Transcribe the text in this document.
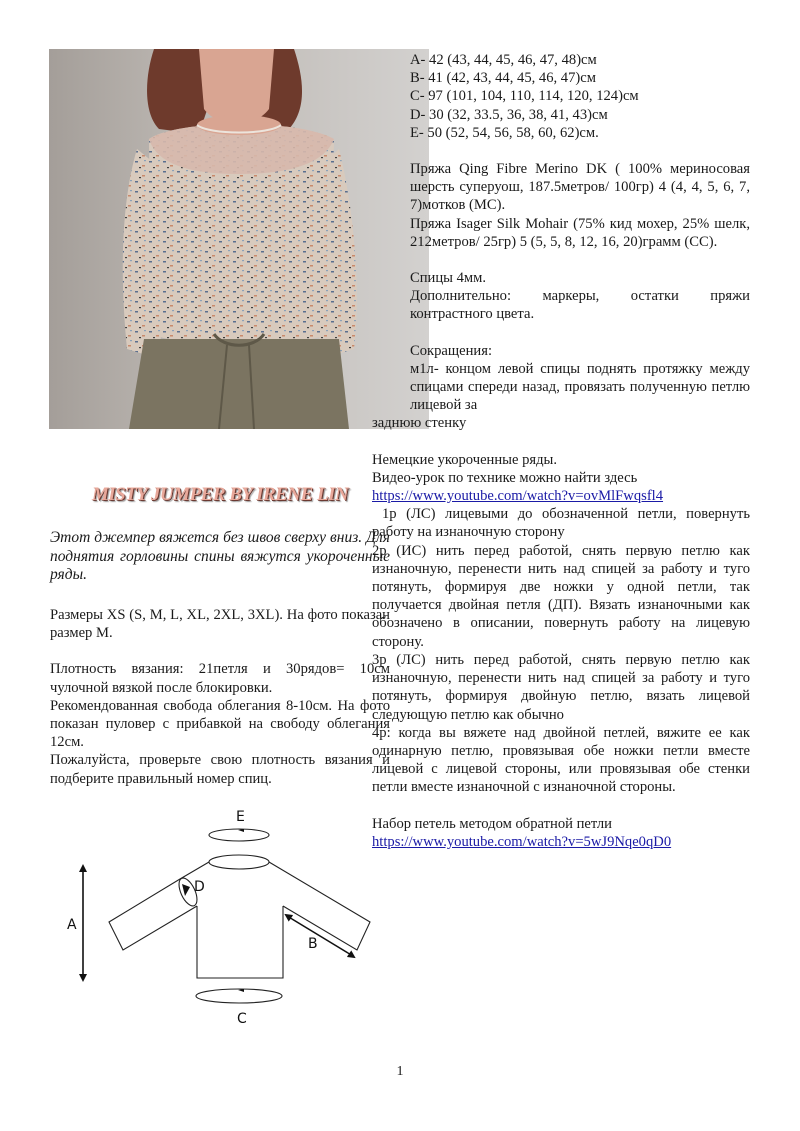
A- 42 (43, 44, 45, 46, 47, 48)см

B- 41 (42, 43, 44, 45, 46, 47)см

C- 97 (101, 104, 110, 114, 120, 124)см

D- 30 (32, 33.5, 36, 38, 41, 43)см

E- 50 (52, 54, 56, 58, 60, 62)см.

Пряжа Qing Fibre Merino DK ( 100% мериносовая шерсть суперуош, 187.5метров/ 100гр) 4 (4, 4, 5, 6, 7, 7)мотков (МС).

Пряжа Isager Silk Mohair (75% кид мохер, 25% шелк, 212метров/ 25гр) 5 (5, 5, 8, 12, 16, 20)грамм (СС).

Спицы 4мм.

Дополнительно: маркеры, остатки пряжи контрастного цвета.

Сокращения:

м1л- концом левой спицы поднять протяжку между спицами спереди назад, провязать полученную петлю лицевой за

заднюю стенку

Немецкие укороченные ряды.

Видео-урок по технике можно найти здесь

https://www.youtube.com/watch?v=ovMlFwqsfl4

1р (ЛС) лицевыми до обозначенной петли, повернуть работу на изнаночную сторону

2р (ИС) нить перед работой, снять первую петлю как изнаночную, перенести нить над спицей за работу и туго потянуть, формируя две ножки у одной петли, так получается двойная петля (ДП). Вязать изнаночными как обозначено в описании, повернуть работу на лицевую сторону.

3р (ЛС) нить перед работой, снять первую петлю как изнаночную, перенести нить над спицей за работу и туго потянуть, формируя двойную петлю, вязать лицевой следующую петлю как обычно

4р: когда вы вяжете над двойной петлей, вяжите ее как одинарную петлю, провязывая обе ножки петли вместе лицевой с лицевой стороны, или провязывая обе стенки петли вместе изнаночной с изнаночной стороны.

Набор петель методом обратной петли

https://www.youtube.com/watch?v=5wJ9Nqe0qD0

MISTY JUMPER BY IRENE LIN
Этот джемпер вяжется без швов сверху вниз. Для поднятия горловины спины вяжутся укороченные ряды.

Размеры XS (S, M, L, XL, 2XL, 3XL). На фото показан размер M.

Плотность вязания: 21петля и 30рядов= 10см чулочной вязкой после блокировки.

Рекомендованная свобода облегания 8-10см. На фото показан пуловер с прибавкой на свободу облегания 12см.

Пожалуйста, проверьте свою плотность вязания и подберите правильный номер спиц.

E
D
A
B
C
1
